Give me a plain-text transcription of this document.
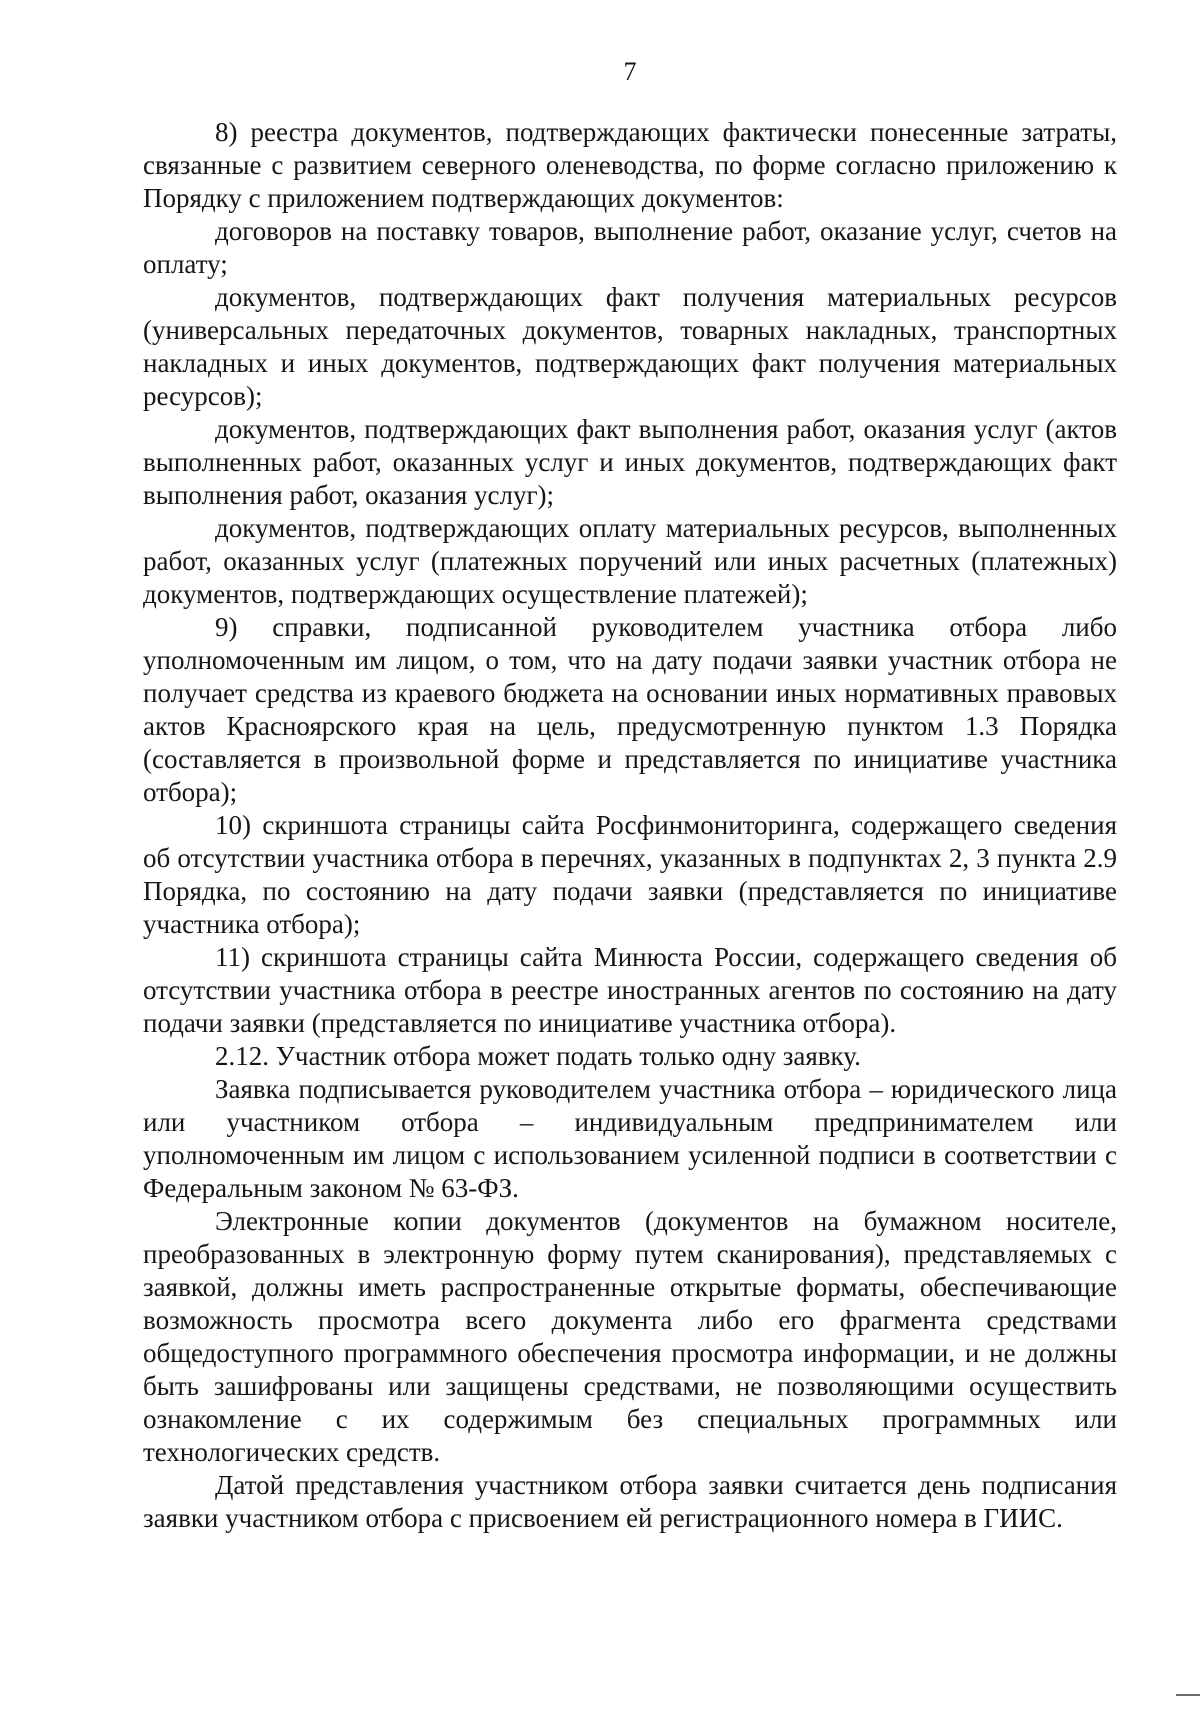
7

8) реестра документов, подтверждающих фактически понесенные затраты, связанные с развитием северного оленеводства, по форме согласно приложению к Порядку с приложением подтверждающих документов:

договоров на поставку товаров, выполнение работ, оказание услуг, счетов на оплату;

документов, подтверждающих факт получения материальных ресурсов (универсальных передаточных документов, товарных накладных, транспортных накладных и иных документов, подтверждающих факт получения материальных ресурсов);

документов, подтверждающих факт выполнения работ, оказания услуг (актов выполненных работ, оказанных услуг и иных документов, подтверждающих факт выполнения работ, оказания услуг);

документов, подтверждающих оплату материальных ресурсов, выполненных работ, оказанных услуг (платежных поручений или иных расчетных (платежных) документов, подтверждающих осуществление платежей);

9) справки, подписанной руководителем участника отбора либо уполномоченным им лицом, о том, что на дату подачи заявки участник отбора не получает средства из краевого бюджета на основании иных нормативных правовых актов Красноярского края на цель, предусмотренную пунктом 1.3 Порядка (составляется в произвольной форме и представляется по инициативе участника отбора);

10) скриншота страницы сайта Росфинмониторинга, содержащего сведения об отсутствии участника отбора в перечнях, указанных в подпунктах 2, 3 пункта 2.9 Порядка, по состоянию на дату подачи заявки (представляется по инициативе участника отбора);

11) скриншота страницы сайта Минюста России, содержащего сведения об отсутствии участника отбора в реестре иностранных агентов по состоянию на дату подачи заявки (представляется по инициативе участника отбора).

2.12. Участник отбора может подать только одну заявку.

Заявка подписывается руководителем участника отбора – юридического лица или участником отбора – индивидуальным предпринимателем или уполномоченным им лицом с использованием усиленной подписи в соответствии с Федеральным законом № 63-ФЗ.

Электронные копии документов (документов на бумажном носителе, преобразованных в электронную форму путем сканирования), представляемых с заявкой, должны иметь распространенные открытые форматы, обеспечивающие возможность просмотра всего документа либо его фрагмента средствами общедоступного программного обеспечения просмотра информации, и не должны быть зашифрованы или защищены средствами, не позволяющими осуществить ознакомление с их содержимым без специальных программных или технологических средств.

Датой представления участником отбора заявки считается день подписания заявки участником отбора с присвоением ей регистрационного номера в ГИИС.
